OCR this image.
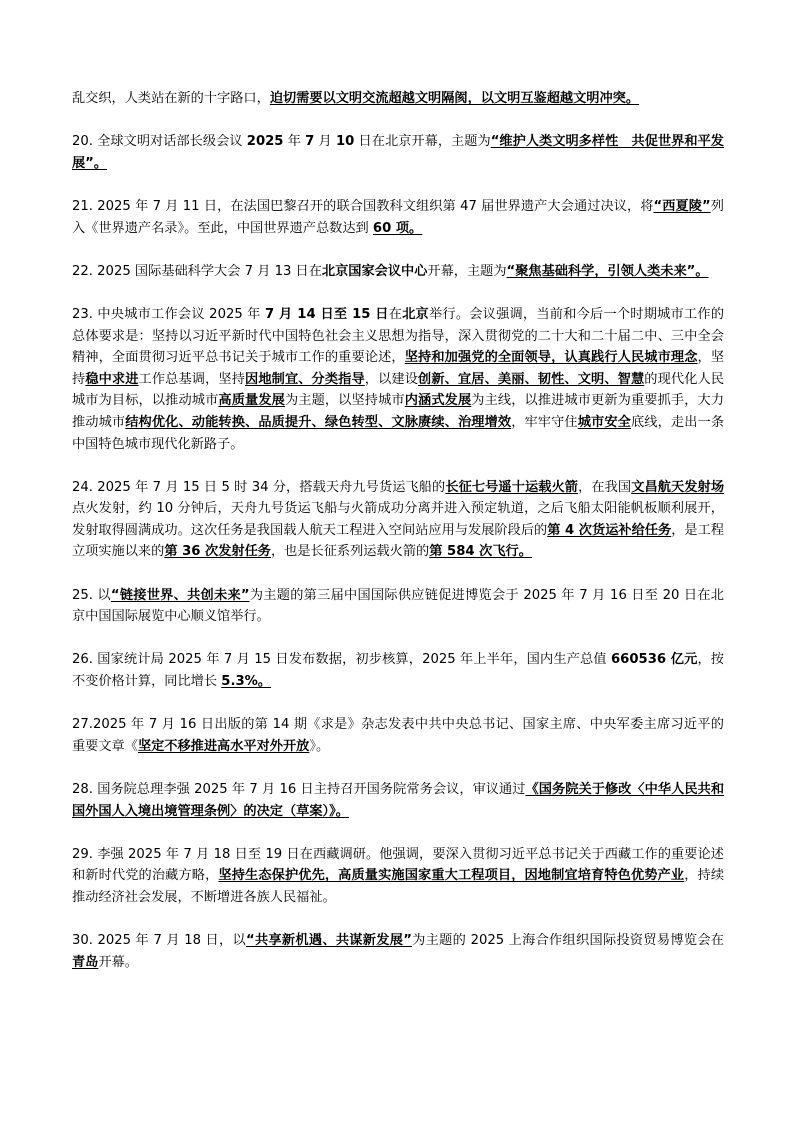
乱交织，人类站在新的十字路口，迫切需要以文明交流超越文明隔阂，以文明互鉴超越文明冲突。

20. 全球文明对话部长级会议 2025 年 7 月 10 日在北京开幕，主题为“维护人类文明多样性　共促世界和平发展”。

21. 2025 年 7 月 11 日，在法国巴黎召开的联合国教科文组织第 47 届世界遗产大会通过决议，将“西夏陵”列入《世界遗产名录》。至此，中国世界遗产总数达到 60 项。

22. 2025 国际基础科学大会 7 月 13 日在北京国家会议中心开幕，主题为“聚焦基础科学，引领人类未来”。

23. 中央城市工作会议 2025 年 7 月 14 日至 15 日在北京举行。会议强调，当前和今后一个时期城市工作的总体要求是：坚持以习近平新时代中国特色社会主义思想为指导，深入贯彻党的二十大和二十届二中、三中全会精神，全面贯彻习近平总书记关于城市工作的重要论述，坚持和加强党的全面领导，认真践行人民城市理念，坚持稳中求进工作总基调，坚持因地制宜、分类指导，以建设创新、宜居、美丽、韧性、文明、智慧的现代化人民城市为目标，以推动城市高质量发展为主题，以坚持城市内涵式发展为主线，以推进城市更新为重要抓手，大力推动城市结构优化、动能转换、品质提升、绿色转型、文脉赓续、治理增效，牢牢守住城市安全底线，走出一条中国特色城市现代化新路子。

24. 2025 年 7 月 15 日 5 时 34 分，搭载天舟九号货运飞船的长征七号遥十运载火箭，在我国文昌航天发射场点火发射，约 10 分钟后，天舟九号货运飞船与火箭成功分离并进入预定轨道，之后飞船太阳能帆板顺利展开，发射取得圆满成功。这次任务是我国载人航天工程进入空间站应用与发展阶段后的第 4 次货运补给任务，是工程立项实施以来的第 36 次发射任务，也是长征系列运载火箭的第 584 次飞行。

25. 以“链接世界、共创未来”为主题的第三届中国国际供应链促进博览会于 2025 年 7 月 16 日至 20 日在北京中国国际展览中心顺义馆举行。

26. 国家统计局 2025 年 7 月 15 日发布数据，初步核算，2025 年上半年，国内生产总值 660536 亿元，按不变价格计算，同比增长 5.3%。

27.2025 年 7 月 16 日出版的第 14 期《求是》杂志发表中共中央总书记、国家主席、中央军委主席习近平的重要文章《坚定不移推进高水平对外开放》。

28. 国务院总理李强 2025 年 7 月 16 日主持召开国务院常务会议，审议通过《国务院关于修改〈中华人民共和国外国人入境出境管理条例〉的决定（草案）》。

29. 李强 2025 年 7 月 18 日至 19 日在西藏调研。他强调，要深入贯彻习近平总书记关于西藏工作的重要论述和新时代党的治藏方略，坚持生态保护优先，高质量实施国家重大工程项目，因地制宜培育特色优势产业，持续推动经济社会发展，不断增进各族人民福祉。

30. 2025 年 7 月 18 日，以“共享新机遇、共谋新发展”为主题的 2025 上海合作组织国际投资贸易博览会在青岛开幕。
